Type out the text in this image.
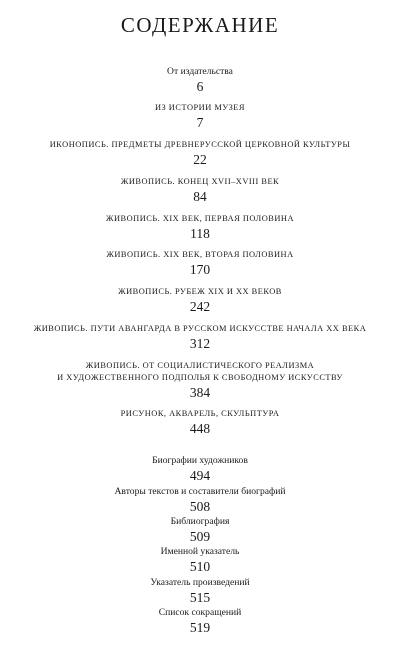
СОДЕРЖАНИЕ
От издательства
6
ИЗ ИСТОРИИ МУЗЕЯ
7
ИКОНОПИСЬ. ПРЕДМЕТЫ ДРЕВНЕРУССКОЙ ЦЕРКОВНОЙ КУЛЬТУРЫ
22
ЖИВОПИСЬ. КОНЕЦ XVII–XVIII ВЕК
84
ЖИВОПИСЬ. XIX ВЕК, ПЕРВАЯ ПОЛОВИНА
118
ЖИВОПИСЬ. XIX ВЕК, ВТОРАЯ ПОЛОВИНА
170
ЖИВОПИСЬ. РУБЕЖ XIX И XX ВЕКОВ
242
ЖИВОПИСЬ. ПУТИ АВАНГАРДА В РУССКОМ ИСКУССТВЕ НАЧАЛА XX ВЕКА
312
ЖИВОПИСЬ. ОТ СОЦИАЛИСТИЧЕСКОГО РЕАЛИЗМА
И ХУДОЖЕСТВЕННОГО ПОДПОЛЬЯ К СВОБОДНОМУ ИСКУССТВУ
384
РИСУНОК, АКВАРЕЛЬ, СКУЛЬПТУРА
448
Биографии художников
494
Авторы текстов и составители биографий
508
Библиография
509
Именной указатель
510
Указатель произведений
515
Список сокращений
519
